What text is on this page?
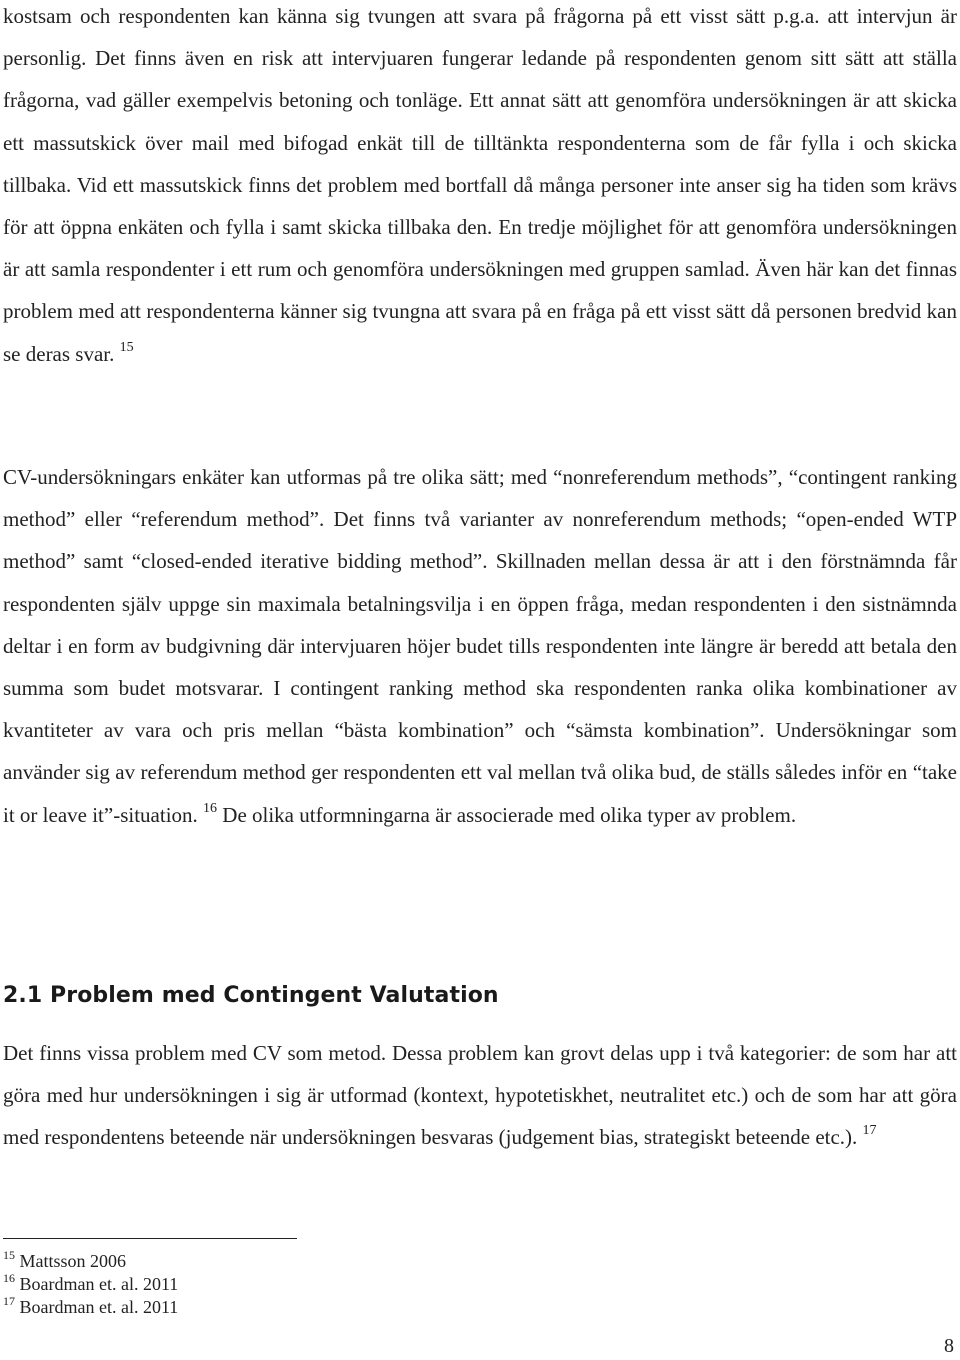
kostsam och respondenten kan känna sig tvungen att svara på frågorna på ett visst sätt p.g.a. att intervjun är personlig. Det finns även en risk att intervjuaren fungerar ledande på respondenten genom sitt sätt att ställa frågorna, vad gäller exempelvis betoning och tonläge. Ett annat sätt att genomföra undersökningen är att skicka ett massutskick över mail med bifogad enkät till de tilltänkta respondenterna som de får fylla i och skicka tillbaka. Vid ett massutskick finns det problem med bortfall då många personer inte anser sig ha tiden som krävs för att öppna enkäten och fylla i samt skicka tillbaka den. En tredje möjlighet för att genomföra undersökningen är att samla respondenter i ett rum och genomföra undersökningen med gruppen samlad. Även här kan det finnas problem med att respondenterna känner sig tvungna att svara på en fråga på ett visst sätt då personen bredvid kan se deras svar. $^{15}$

CV-undersökningars enkäter kan utformas på tre olika sätt; med “nonreferendum methods”, “contingent ranking method” eller “referendum method”. Det finns två varianter av nonreferendum methods; “open-ended WTP method” samt “closed-ended iterative bidding method”. Skillnaden mellan dessa är att i den förstnämnda får respondenten själv uppge sin maximala betalningsvilja i en öppen fråga, medan respondenten i den sistnämnda deltar i en form av budgivning där intervjuaren höjer budet tills respondenten inte längre är beredd att betala den summa som budet motsvarar. I contingent ranking method ska respondenten ranka olika kombinationer av kvantiteter av vara och pris mellan “bästa kombination” och “sämsta kombination”. Undersökningar som använder sig av referendum method ger respondenten ett val mellan två olika bud, de ställs således inför en “take it or leave it”-situation. $^{16}$ De olika utformningarna är associerade med olika typer av problem.

2.1 Problem med Contingent Valutation

Det finns vissa problem med CV som metod. Dessa problem kan grovt delas upp i två kategorier: de som har att göra med hur undersökningen i sig är utformad (kontext, hypotetiskhet, neutralitet etc.) och de som har att göra med respondentens beteende när undersökningen besvaras (judgement bias, strategiskt beteende etc.). $^{17}$

$^{15}$ Mattsson 2006
$^{16}$ Boardman et. al. 2011
$^{17}$ Boardman et. al. 2011
8
